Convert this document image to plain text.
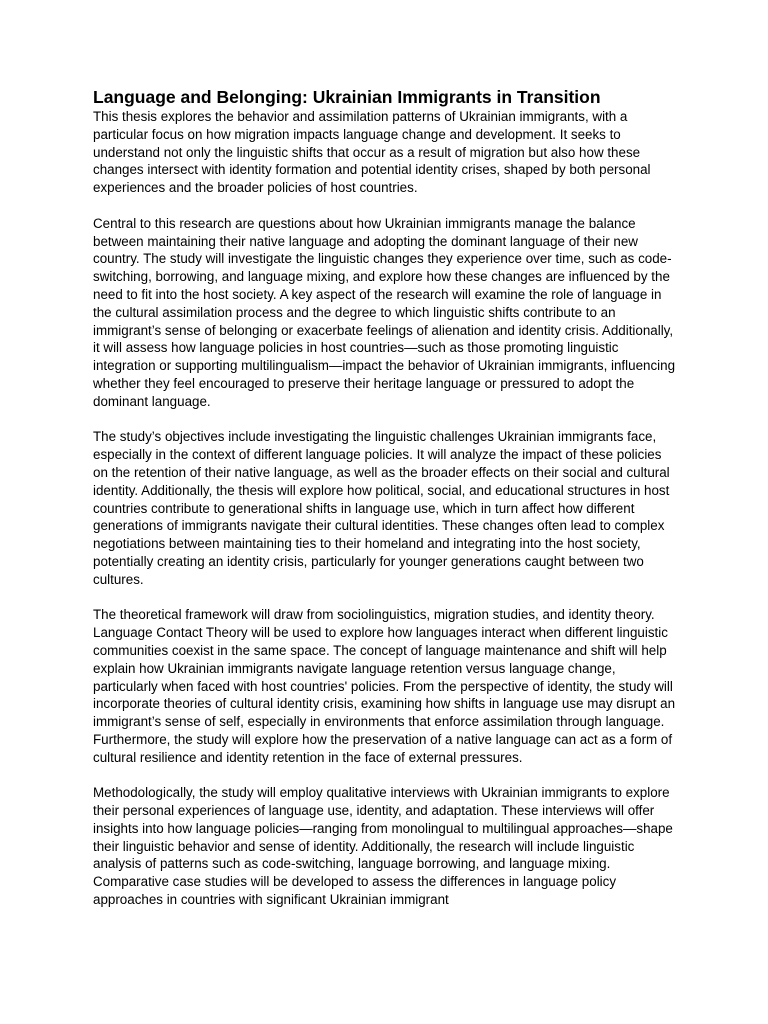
Language and Belonging: Ukrainian Immigrants in Transition

This thesis explores the behavior and assimilation patterns of Ukrainian immigrants, with a particular focus on how migration impacts language change and development. It seeks to understand not only the linguistic shifts that occur as a result of migration but also how these changes intersect with identity formation and potential identity crises, shaped by both personal experiences and the broader policies of host countries.

Central to this research are questions about how Ukrainian immigrants manage the balance between maintaining their native language and adopting the dominant language of their new country. The study will investigate the linguistic changes they experience over time, such as code-switching, borrowing, and language mixing, and explore how these changes are influenced by the need to fit into the host society. A key aspect of the research will examine the role of language in the cultural assimilation process and the degree to which linguistic shifts contribute to an immigrant’s sense of belonging or exacerbate feelings of alienation and identity crisis. Additionally, it will assess how language policies in host countries—such as those promoting linguistic integration or supporting multilingualism—impact the behavior of Ukrainian immigrants, influencing whether they feel encouraged to preserve their heritage language or pressured to adopt the dominant language.

The study’s objectives include investigating the linguistic challenges Ukrainian immigrants face, especially in the context of different language policies. It will analyze the impact of these policies on the retention of their native language, as well as the broader effects on their social and cultural identity. Additionally, the thesis will explore how political, social, and educational structures in host countries contribute to generational shifts in language use, which in turn affect how different generations of immigrants navigate their cultural identities. These changes often lead to complex negotiations between maintaining ties to their homeland and integrating into the host society, potentially creating an identity crisis, particularly for younger generations caught between two cultures.

The theoretical framework will draw from sociolinguistics, migration studies, and identity theory. Language Contact Theory will be used to explore how languages interact when different linguistic communities coexist in the same space. The concept of language maintenance and shift will help explain how Ukrainian immigrants navigate language retention versus language change, particularly when faced with host countries' policies. From the perspective of identity, the study will incorporate theories of cultural identity crisis, examining how shifts in language use may disrupt an immigrant’s sense of self, especially in environments that enforce assimilation through language. Furthermore, the study will explore how the preservation of a native language can act as a form of cultural resilience and identity retention in the face of external pressures.

Methodologically, the study will employ qualitative interviews with Ukrainian immigrants to explore their personal experiences of language use, identity, and adaptation. These interviews will offer insights into how language policies—ranging from monolingual to multilingual approaches—shape their linguistic behavior and sense of identity. Additionally, the research will include linguistic analysis of patterns such as code-switching, language borrowing, and language mixing. Comparative case studies will be developed to assess the differences in language policy approaches in countries with significant Ukrainian immigrant
